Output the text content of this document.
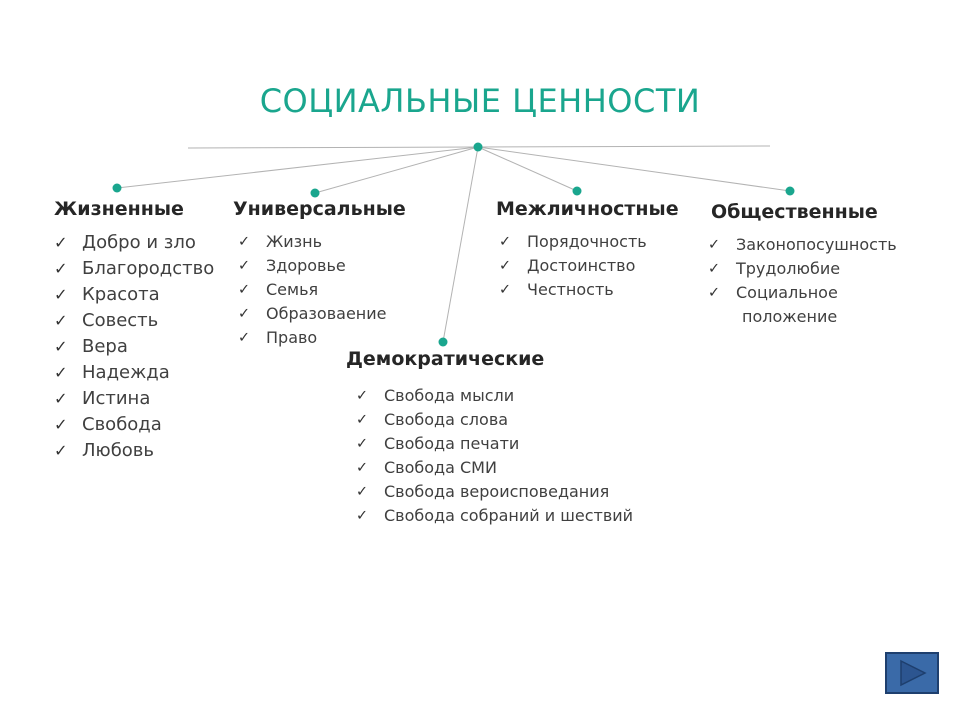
СОЦИАЛЬНЫЕ ЦЕННОСТИ
Жизненные
✓ Добро и зло
✓ Благородство
✓ Красота
✓ Совесть
✓ Вера
✓ Надежда
✓ Истина
✓ Свобода
✓ Любовь
Универсальные
✓ Жизнь
✓ Здоровье
✓ Семья
✓ Образоваение
✓ Право
Межличностные
✓ Порядочность
✓ Достоинство
✓ Честность
Общественные
✓ Законопосушность
✓ Трудолюбие
✓ Социальное
положение
Демократические
✓ Свобода мысли
✓ Свобода слова
✓ Свобода печати
✓ Свобода СМИ
✓ Свобода вероисповедания
✓ Свобода собраний и шествий
